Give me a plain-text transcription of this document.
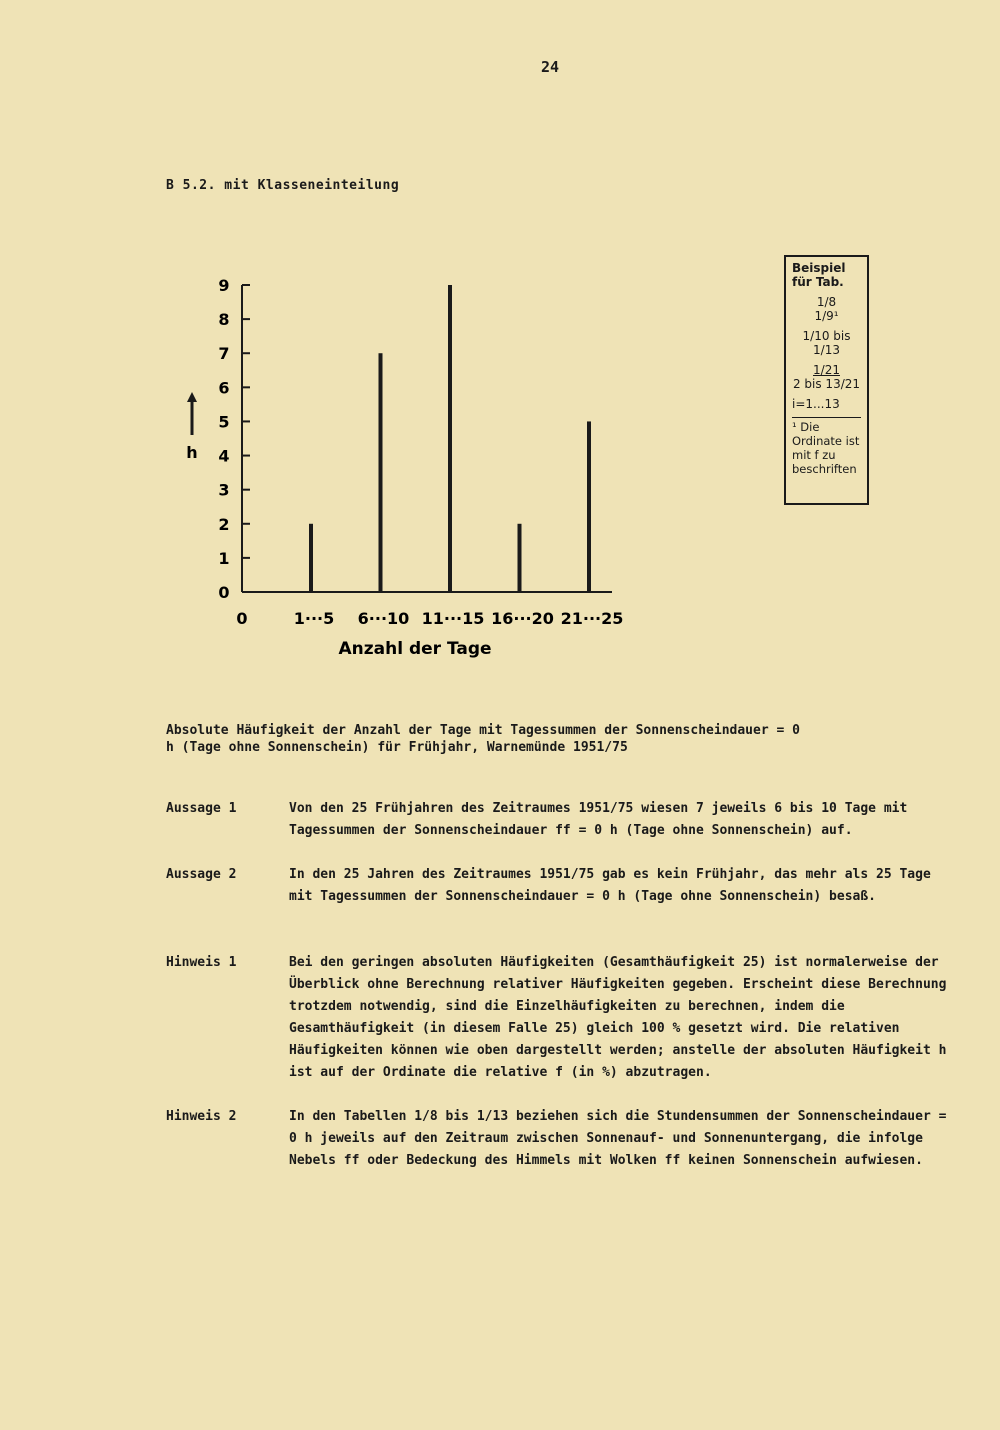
24
B 5.2. mit Klasseneinteilung
0
1
2
3
4
5
6
7
8
9
0	1···5 6···10 11···15 16···20 21···25
Anzahl der Tage
h
Beispiel für Tab.
1/8
1/9¹
1/10 bis
1/13
1/21
2 bis 13/21
i=1...13
¹ Die Ordinate ist mit f zu beschriften
Absolute Häufigkeit der Anzahl der Tage mit Tagessummen der Sonnenscheindauer = 0 h (Tage ohne Sonnenschein) für Frühjahr, Warnemünde 1951/75
Aussage 1	Von den 25 Frühjahren des Zeitraumes 1951/75 wiesen 7 jeweils 6 bis 10 Tage mit Tagessummen der Sonnenscheindauer ff = 0 h (Tage ohne Sonnenschein) auf.
Aussage 2	In den 25 Jahren des Zeitraumes 1951/75 gab es kein Frühjahr, das mehr als 25 Tage mit Tagessummen der Sonnenscheindauer = 0 h (Tage ohne Sonnenschein) besaß.
Hinweis 1	Bei den geringen absoluten Häufigkeiten (Gesamthäufigkeit 25) ist normalerweise der Überblick ohne Berechnung relativer Häufigkeiten gegeben. Erscheint diese Berechnung trotzdem notwendig, sind die Einzelhäufigkeiten zu berechnen, indem die Gesamthäufigkeit (in diesem Falle 25) gleich 100 % gesetzt wird. Die relativen Häufigkeiten können wie oben dargestellt werden; anstelle der absoluten Häufigkeit h ist auf der Ordinate die relative f (in %) abzutragen.
Hinweis 2	In den Tabellen 1/8 bis 1/13 beziehen sich die Stundensummen der Sonnenscheindauer = 0 h jeweils auf den Zeitraum zwischen Sonnenauf- und Sonnenuntergang, die infolge Nebels ff oder Bedeckung des Himmels mit Wolken ff keinen Sonnenschein aufwiesen.
